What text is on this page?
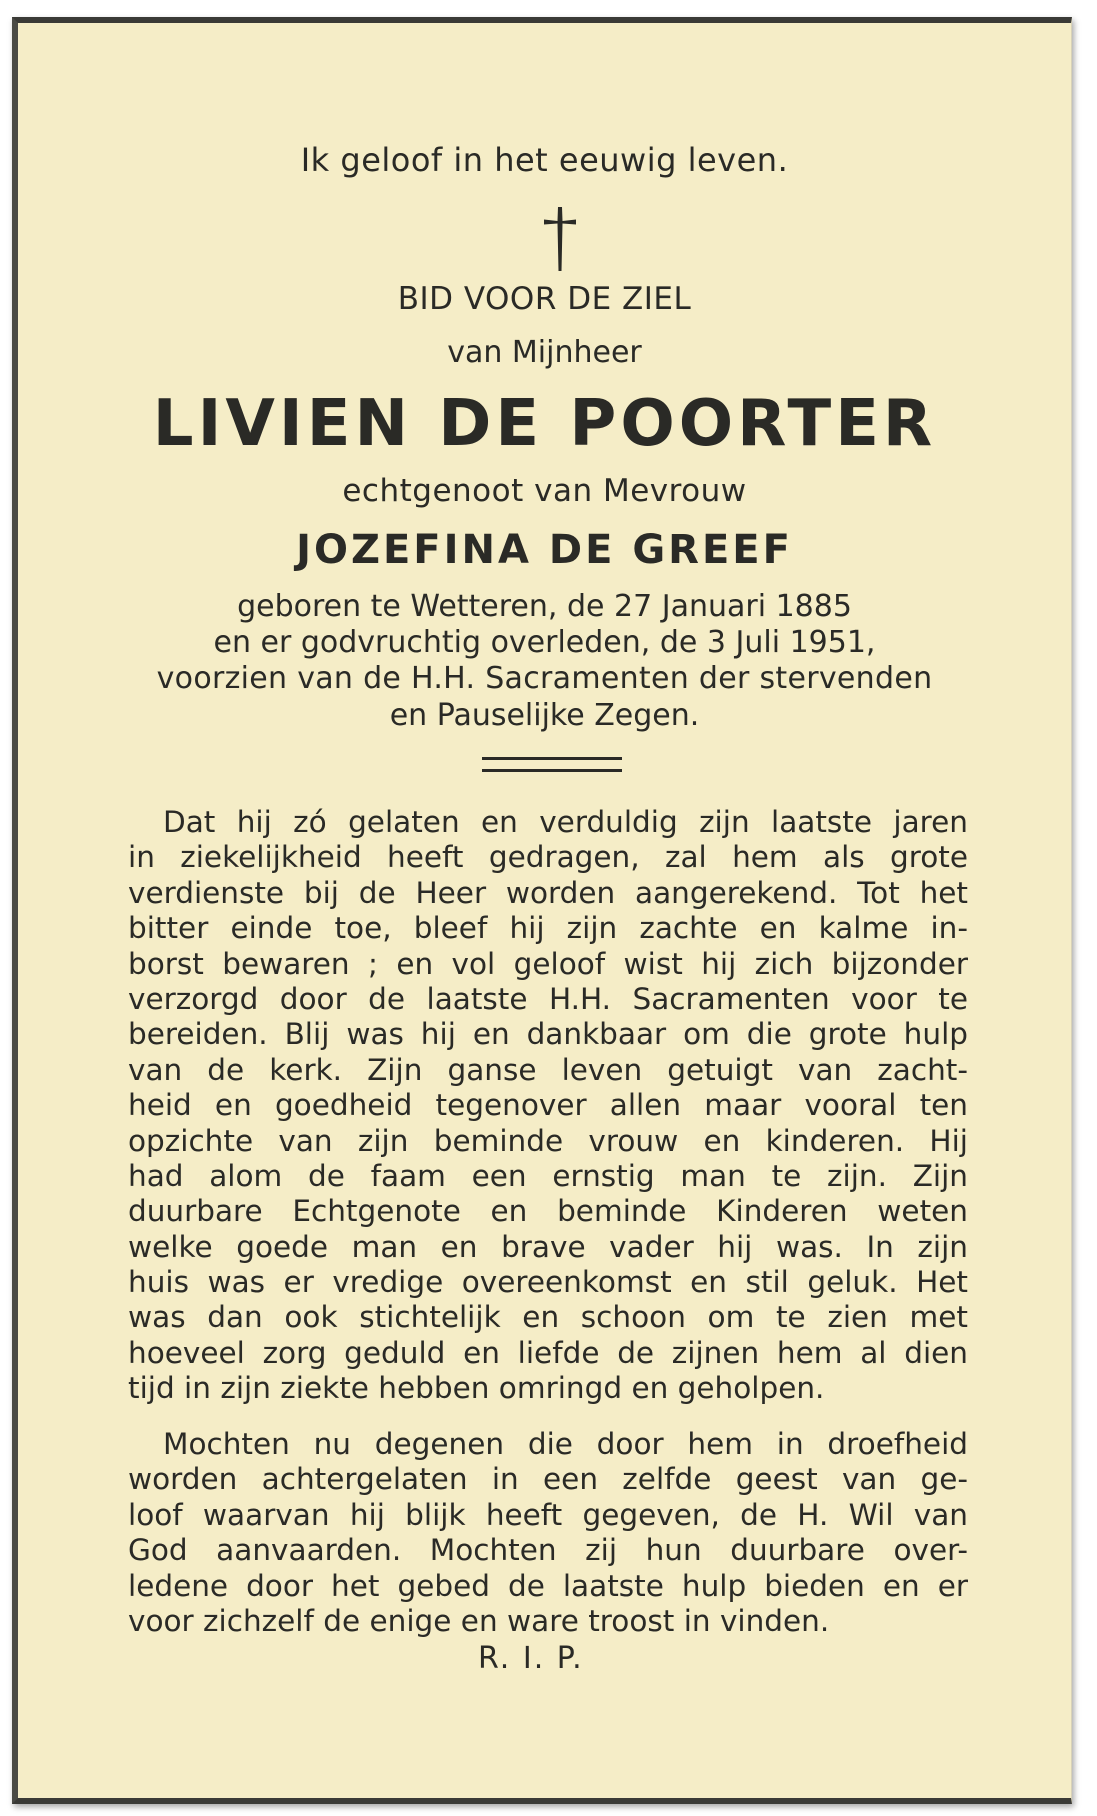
Ik geloof in het eeuwig leven.
BID VOOR DE ZIEL
van Mijnheer
LIVIEN DE POORTER
echtgenoot van Mevrouw
JOZEFINA DE GREEF
geboren te Wetteren, de 27 Januari 1885
en er godvruchtig overleden, de 3 Juli 1951,
voorzien van de H.H. Sacramenten der stervenden
en Pauselijke Zegen.
Dat hij zó gelaten en verduldig zijn laatste jaren
in ziekelijkheid heeft gedragen, zal hem als grote
verdienste bij de Heer worden aangerekend. Tot het
bitter einde toe, bleef hij zijn zachte en kalme in-
borst bewaren ; en vol geloof wist hij zich bijzonder
verzorgd door de laatste H.H. Sacramenten voor te
bereiden. Blij was hij en dankbaar om die grote hulp
van de kerk. Zijn ganse leven getuigt van zacht-
heid en goedheid tegenover allen maar vooral ten
opzichte van zijn beminde vrouw en kinderen. Hij
had alom de faam een ernstig man te zijn. Zijn
duurbare Echtgenote en beminde Kinderen weten
welke goede man en brave vader hij was. In zijn
huis was er vredige overeenkomst en stil geluk. Het
was dan ook stichtelijk en schoon om te zien met
hoeveel zorg geduld en liefde de zijnen hem al dien
tijd in zijn ziekte hebben omringd en geholpen.
Mochten nu degenen die door hem in droefheid
worden achtergelaten in een zelfde geest van ge-
loof waarvan hij blijk heeft gegeven, de H. Wil van
God aanvaarden. Mochten zij hun duurbare over-
ledene door het gebed de laatste hulp bieden en er
voor zichzelf de enige en ware troost in vinden.
R. I. P.
